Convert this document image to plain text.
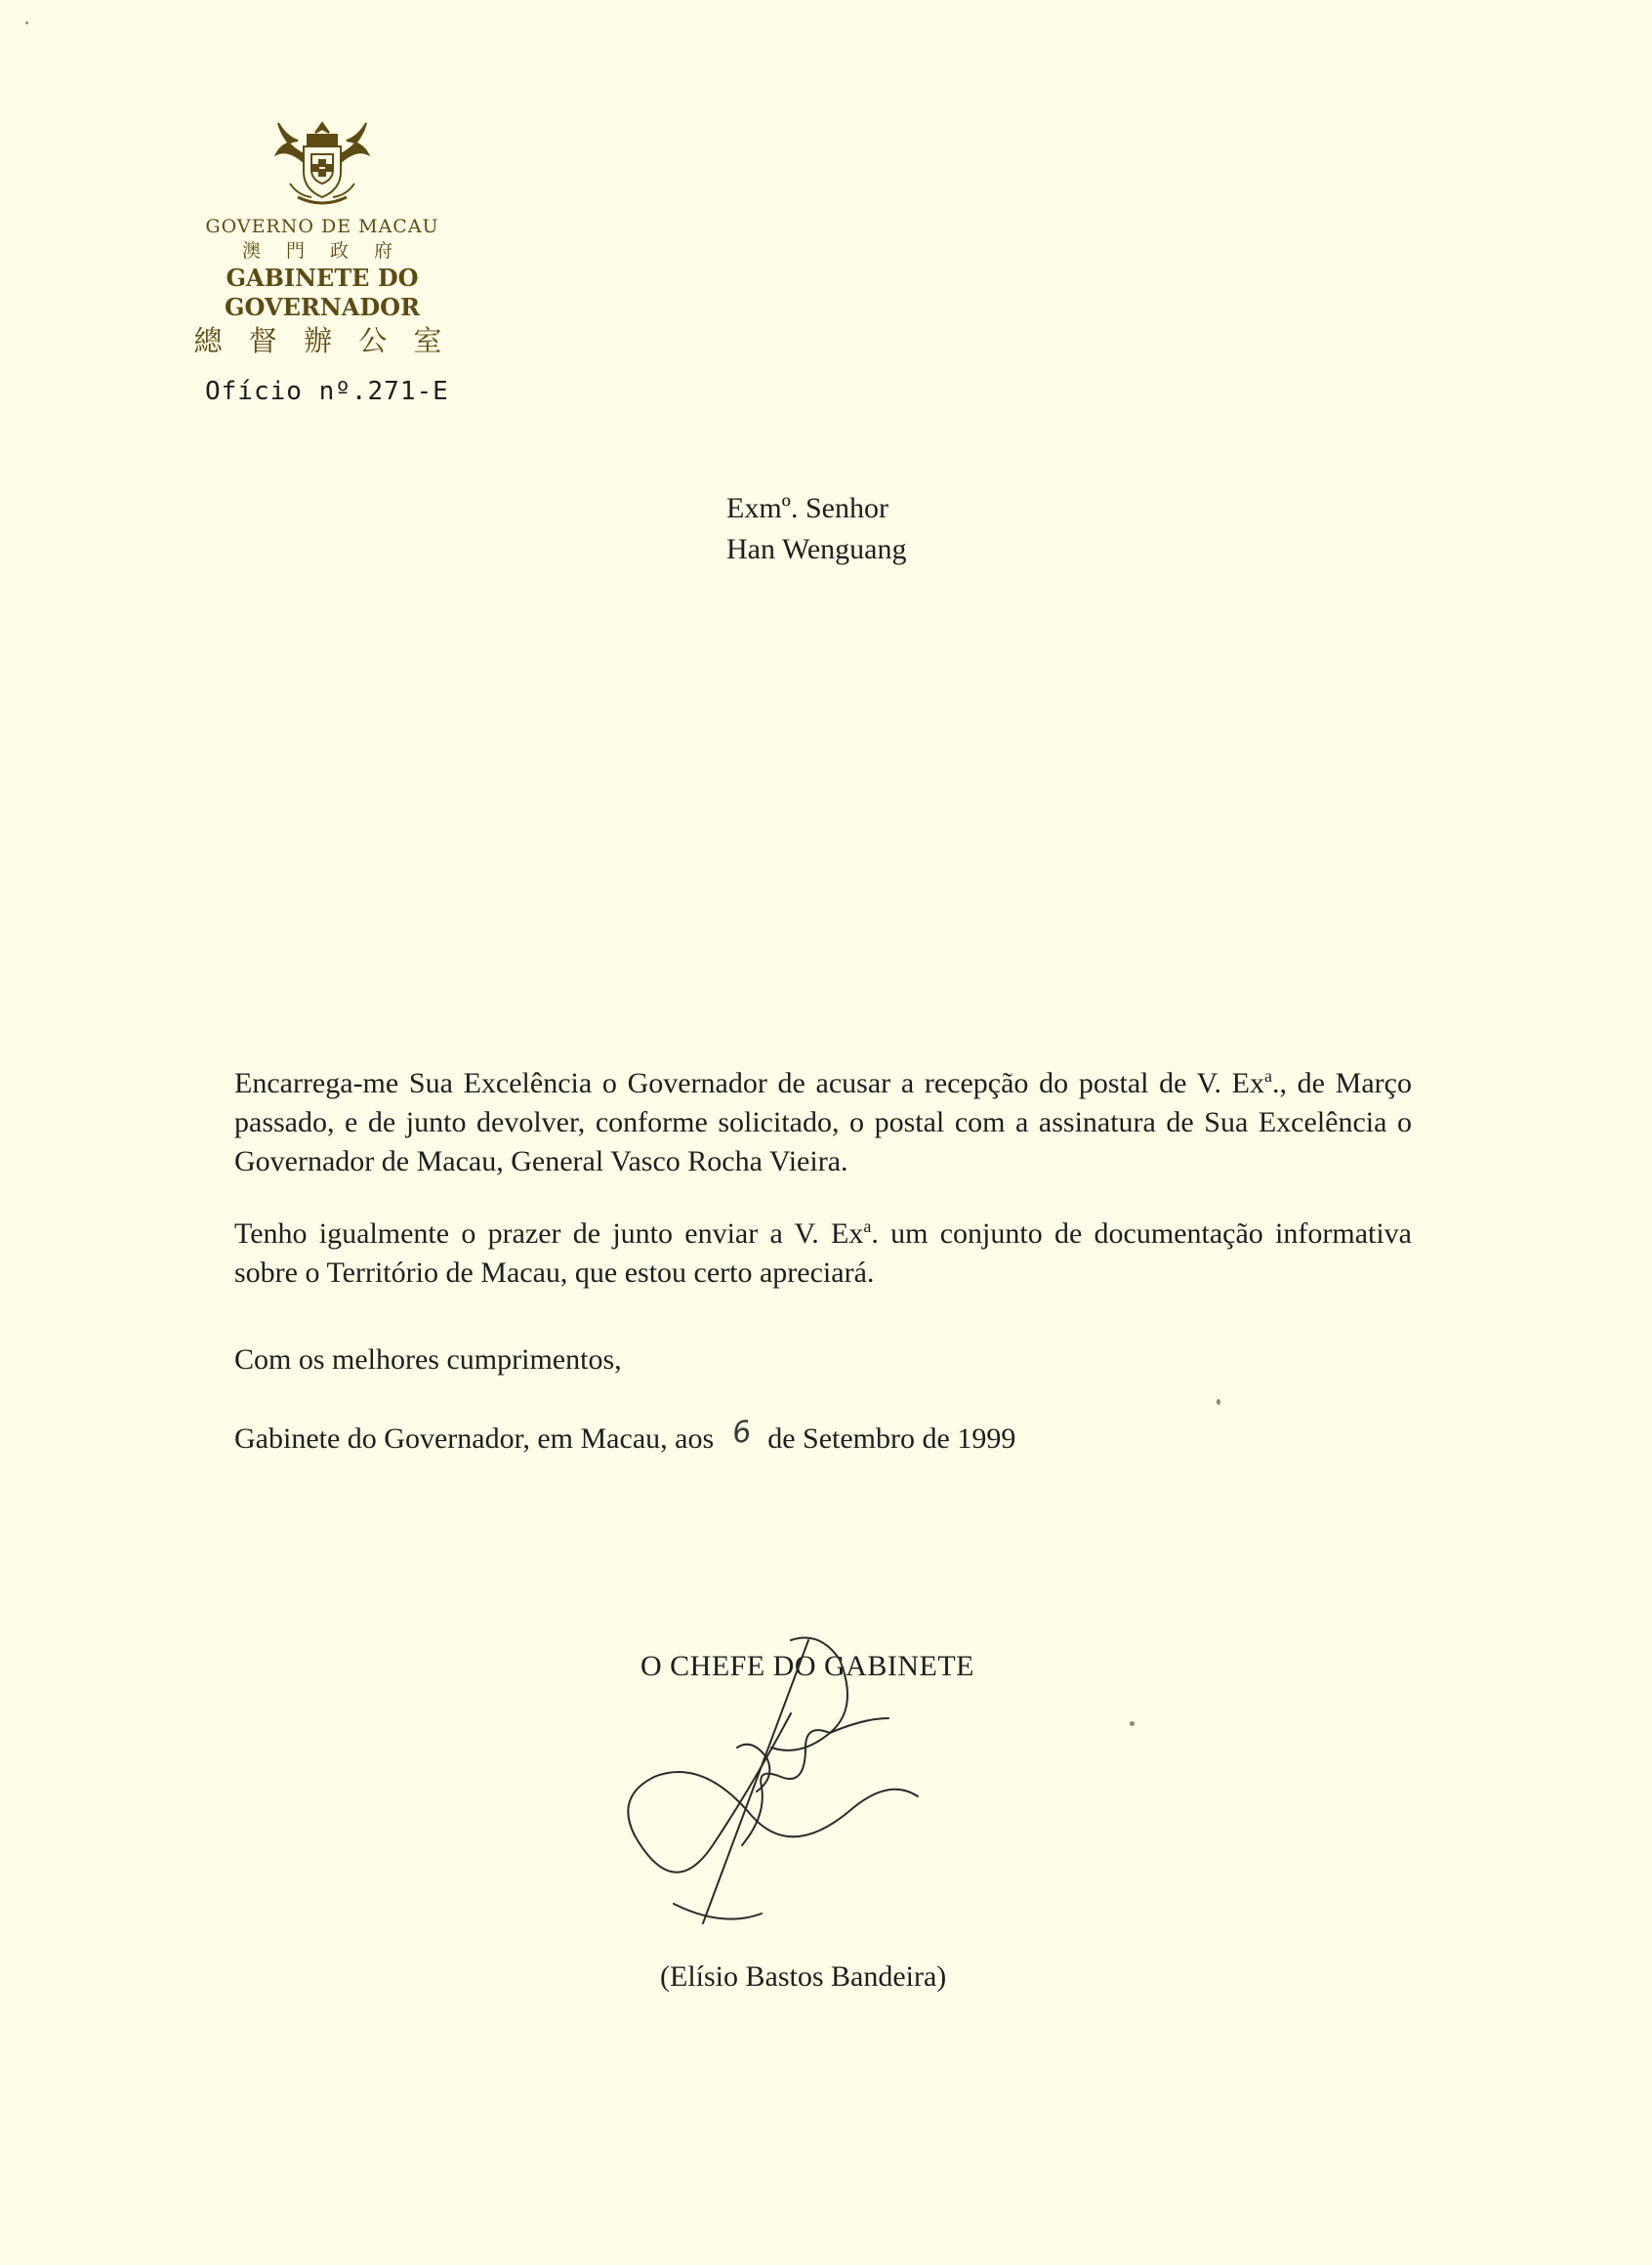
GOVERNO DE MACAU
澳 門 政 府
GABINETE DO GOVERNADOR
總 督 辦 公 室
Ofício nº.271-E
Exmº. Senhor
Han Wenguang

Encarrega-me Sua Excelência o Governador de acusar a recepção do postal de V. Ex$^a$., de Março passado, e de junto devolver, conforme solicitado, o postal com a assinatura de Sua Excelência o Governador de Macau, General Vasco Rocha Vieira.

Tenho igualmente o prazer de junto enviar a V. Ex$^a$. um conjunto de documentação informativa sobre o Território de Macau, que estou certo apreciará.

Com os melhores cumprimentos,
Gabinete do Governador, em Macau, aos 6 de Setembro de 1999
O CHEFE DO GABINETE
(Elísio Bastos Bandeira)
